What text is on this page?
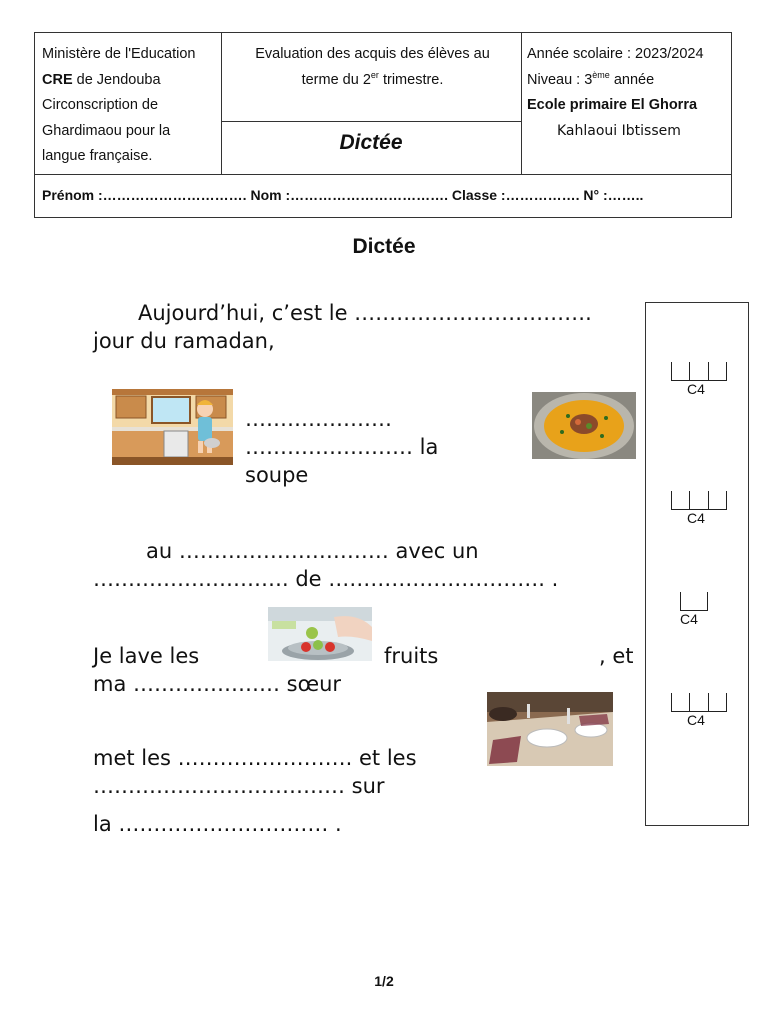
Ministère de l'Education
CRE de Jendouba
Circonscription de
Ghardimaou pour la
langue française.
Evaluation des acquis des élèves au
terme du 2er trimestre.
Dictée
Année scolaire : 2023/2024
Niveau : 3ème année
Ecole primaire El Ghorra
Kahlaoui Ibtissem
Prénom :…………………………. Nom :……………………………. Classe :……………. N° :……..
Dictée
Aujourd’hui, c’est le …………………………….
jour du ramadan,
…………………
…………………… la
soupe
au ………………………… avec un
………………………. de …………………………. .
Je lave les	fruits	, et
ma ………………… sœur
met les ……………………. et les
……………………………… sur
la ………………………… .
C4
C4
C4
C4
1/2
